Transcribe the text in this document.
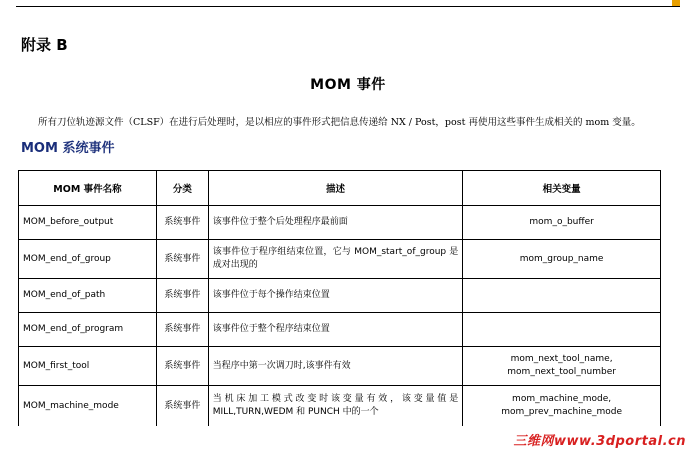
附录 B
MOM 事件
所有刀位轨迹源文件（CLSF）在进行后处理时，是以相应的事件形式把信息传递给 NX / Post，post 再使用这些事件生成相关的 mom 变量。
MOM 系统事件
MOM 事件名称	分类	描述	相关变量
MOM_before_output	系统事件	该事件位于整个后处理程序最前面	mom_o_buffer
MOM_end_of_group	系统事件	该事件位于程序组结束位置，它与 MOM_start_of_group 是成对出现的	mom_group_name
MOM_end_of_path	系统事件	该事件位于每个操作结束位置	
MOM_end_of_program	系统事件	该事件位于整个程序结束位置	
MOM_first_tool	系统事件	当程序中第一次调刀时,该事件有效	mom_next_tool_name,
mom_next_tool_number
MOM_machine_mode	系统事件	当机床加工模式改变时该变量有效，该变量值是 MILL,TURN,WEDM 和 PUNCH 中的一个	mom_machine_mode,
mom_prev_machine_mode
三维网www.3dportal.cn
